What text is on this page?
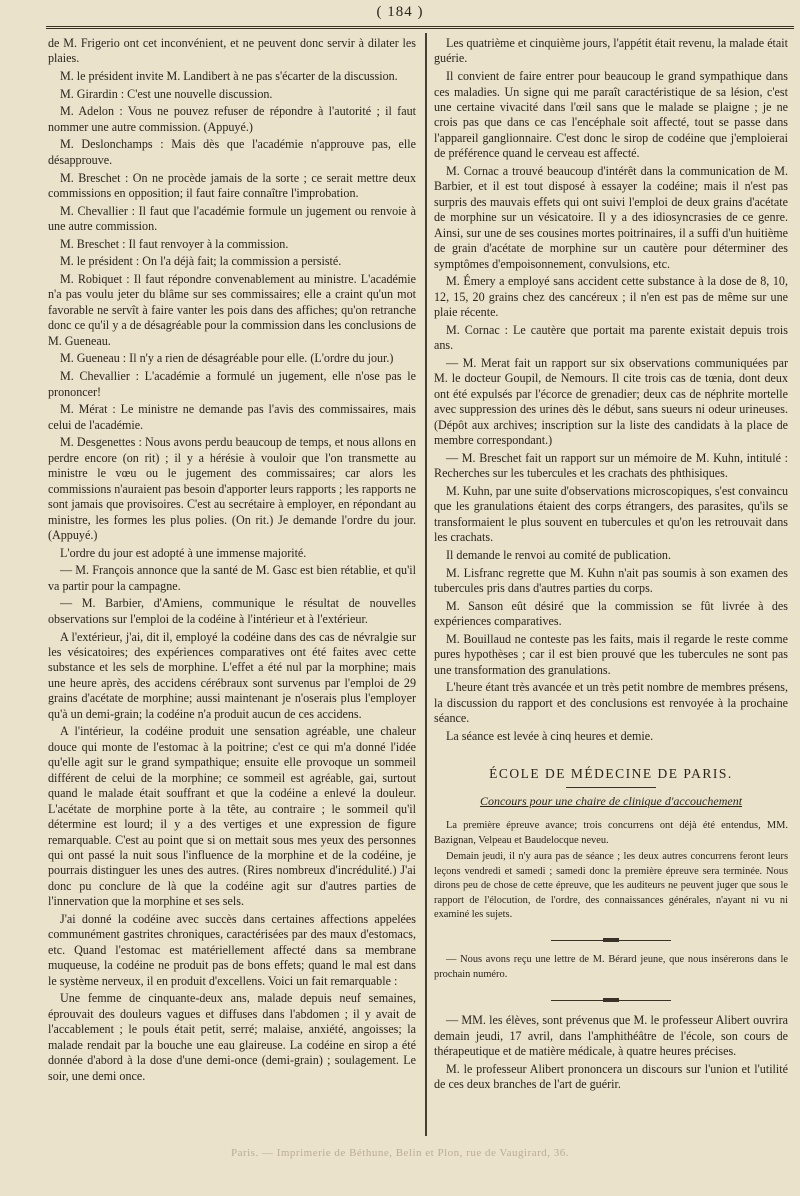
( 184 )

de M. Frigerio ont cet inconvénient, et ne peuvent donc servir à dilater les plaies.

M. le président invite M. Landibert à ne pas s'écarter de la discussion.

M. Girardin : C'est une nouvelle discussion.

M. Adelon : Vous ne pouvez refuser de répondre à l'autorité ; il faut nommer une autre commission. (Appuyé.)

M. Deslonchamps : Mais dès que l'académie n'approuve pas, elle désapprouve.

M. Breschet : On ne procède jamais de la sorte ; ce serait mettre deux commissions en opposition; il faut faire connaître l'improbation.

M. Chevallier : Il faut que l'académie formule un jugement ou renvoie à une autre commission.

M. Breschet : Il faut renvoyer à la commission.

M. le président : On l'a déjà fait; la commission a persisté.

M. Robiquet : Il faut répondre convenablement au ministre. L'académie n'a pas voulu jeter du blâme sur ses commissaires; elle a craint qu'un mot favorable ne servît à faire vanter les pois dans des affiches; qu'on retranche donc ce qu'il y a de désagréable pour la commission dans les conclusions de M. Gueneau.

M. Gueneau : Il n'y a rien de désagréable pour elle. (L'ordre du jour.)

M. Chevallier : L'académie a formulé un jugement, elle n'ose pas le prononcer!

M. Mérat : Le ministre ne demande pas l'avis des commissaires, mais celui de l'académie.

M. Desgenettes : Nous avons perdu beaucoup de temps, et nous allons en perdre encore (on rit) ; il y a hérésie à vouloir que l'on transmette au ministre le vœu ou le jugement des commissaires; car alors les commissions n'auraient pas besoin d'apporter leurs rapports ; les rapports ne sont jamais que provisoires. C'est au secrétaire à employer, en répondant au ministre, les formes les plus polies. (On rit.) Je demande l'ordre du jour. (Appuyé.)

L'ordre du jour est adopté à une immense majorité.

— M. François annonce que la santé de M. Gasc est bien rétablie, et qu'il va partir pour la campagne.

— M. Barbier, d'Amiens, communique le résultat de nouvelles observations sur l'emploi de la codéine à l'intérieur et à l'extérieur.

A l'extérieur, j'ai, dit il, employé la codéine dans des cas de névralgie sur les vésicatoires; des expériences comparatives ont été faites avec cette substance et les sels de morphine. L'effet a été nul par la morphine; mais une heure après, des accidens cérébraux sont survenus par l'emploi de 29 grains d'acétate de morphine; aussi maintenant je n'oserais plus l'employer qu'à un demi-grain; la codéine n'a produit aucun de ces accidens.

A l'intérieur, la codéine produit une sensation agréable, une chaleur douce qui monte de l'estomac à la poitrine; c'est ce qui m'a donné l'idée qu'elle agit sur le grand sympathique; ensuite elle provoque un sommeil différent de celui de la morphine; ce sommeil est agréable, gai, surtout quand le malade était souffrant et que la codéine a enlevé la douleur. L'acétate de morphine porte à la tête, au contraire ; le sommeil qu'il détermine est lourd; il y a des vertiges et une expression de figure remarquable. C'est au point que si on mettait sous mes yeux des personnes qui ont passé la nuit sous l'influence de la morphine et de la codéine, je pourrais distinguer les unes des autres. (Rires nombreux d'incrédulité.) J'ai donc pu conclure de là que la codéine agit sur d'autres parties de l'innervation que la morphine et ses sels.

J'ai donné la codéine avec succès dans certaines affections appelées communément gastrites chroniques, caractérisées par des maux d'estomacs, etc. Quand l'estomac est matériellement affecté dans sa membrane muqueuse, la codéine ne produit pas de bons effets; quand le mal est dans le système nerveux, il en produit d'excellens. Voici un fait remarquable :

Une femme de cinquante-deux ans, malade depuis neuf semaines, éprouvait des douleurs vagues et diffuses dans l'abdomen ; il y avait de l'accablement ; le pouls était petit, serré; malaise, anxiété, angoisses; la malade rendait par la bouche une eau glaireuse. La codéine en sirop a été donnée d'abord à la dose d'une demi-once (demi-grain) ; soulagement. Le soir, une demi once.

Les quatrième et cinquième jours, l'appétit était revenu, la malade était guérie.

Il convient de faire entrer pour beaucoup le grand sympathique dans ces maladies. Un signe qui me paraît caractéristique de sa lésion, c'est une certaine vivacité dans l'œil sans que le malade se plaigne ; je ne crois pas que dans ce cas l'encéphale soit affecté, tout se passe dans l'appareil ganglionnaire. C'est donc le sirop de codéine que j'emploierai de préférence quand le cerveau est affecté.

M. Cornac a trouvé beaucoup d'intérêt dans la communication de M. Barbier, et il est tout disposé à essayer la codéine; mais il n'est pas surpris des mauvais effets qui ont suivi l'emploi de deux grains d'acétate de morphine sur un vésicatoire. Il y a des idiosyncrasies de ce genre. Ainsi, sur une de ses cousines mortes poitrinaires, il a suffi d'un huitième de grain d'acétate de morphine sur un cautère pour déterminer des symptômes d'empoisonnement, convulsions, etc.

M. Émery a employé sans accident cette substance à la dose de 8, 10, 12, 15, 20 grains chez des cancéreux ; il n'en est pas de même sur une plaie récente.

M. Cornac : Le cautère que portait ma parente existait depuis trois ans.

— M. Merat fait un rapport sur six observations communiquées par M. le docteur Goupil, de Nemours. Il cite trois cas de tœnia, dont deux ont été expulsés par l'écorce de grenadier; deux cas de néphrite mortelle avec suppression des urines dès le début, sans sueurs ni odeur urineuses. (Dépôt aux archives; inscription sur la liste des candidats à la place de membre correspondant.)

— M. Breschet fait un rapport sur un mémoire de M. Kuhn, intitulé : Recherches sur les tubercules et les crachats des phthisiques.

M. Kuhn, par une suite d'observations microscopiques, s'est convaincu que les granulations étaient des corps étrangers, des parasites, qu'ils se transformaient le plus souvent en tubercules et qu'on les retrouvait dans les crachats.

Il demande le renvoi au comité de publication.

M. Lisfranc regrette que M. Kuhn n'ait pas soumis à son examen des tubercules pris dans d'autres parties du corps.

M. Sanson eût désiré que la commission se fût livrée à des expériences comparatives.

M. Bouillaud ne conteste pas les faits, mais il regarde le reste comme pures hypothèses ; car il est bien prouvé que les tubercules ne sont pas une transformation des granulations.

L'heure étant très avancée et un très petit nombre de membres présens, la discussion du rapport et des conclusions est renvoyée à la prochaine séance.

La séance est levée à cinq heures et demie.

ÉCOLE DE MÉDECINE DE PARIS.
Concours pour une chaire de clinique d'accouchement

La première épreuve avance; trois concurrens ont déjà été entendus, MM. Bazignan, Velpeau et Baudelocque neveu.

Demain jeudi, il n'y aura pas de séance ; les deux autres concurrens feront leurs leçons vendredi et samedi ; samedi donc la première épreuve sera terminée. Nous dirons peu de chose de cette épreuve, que les auditeurs ne peuvent juger que sous le rapport de l'élocution, de l'ordre, des connaissances générales, n'ayant ni vu ni examiné les sujets.

— Nous avons reçu une lettre de M. Bérard jeune, que nous insérerons dans le prochain numéro.

— MM. les élèves, sont prévenus que M. le professeur Alibert ouvrira demain jeudi, 17 avril, dans l'amphithéâtre de l'école, son cours de thérapeutique et de matière médicale, à quatre heures précises.

M. le professeur Alibert prononcera un discours sur l'union et l'utilité de ces deux branches de l'art de guérir.

Paris. — Imprimerie de Béthune, Belin et Plon, rue de Vaugirard, 36.
